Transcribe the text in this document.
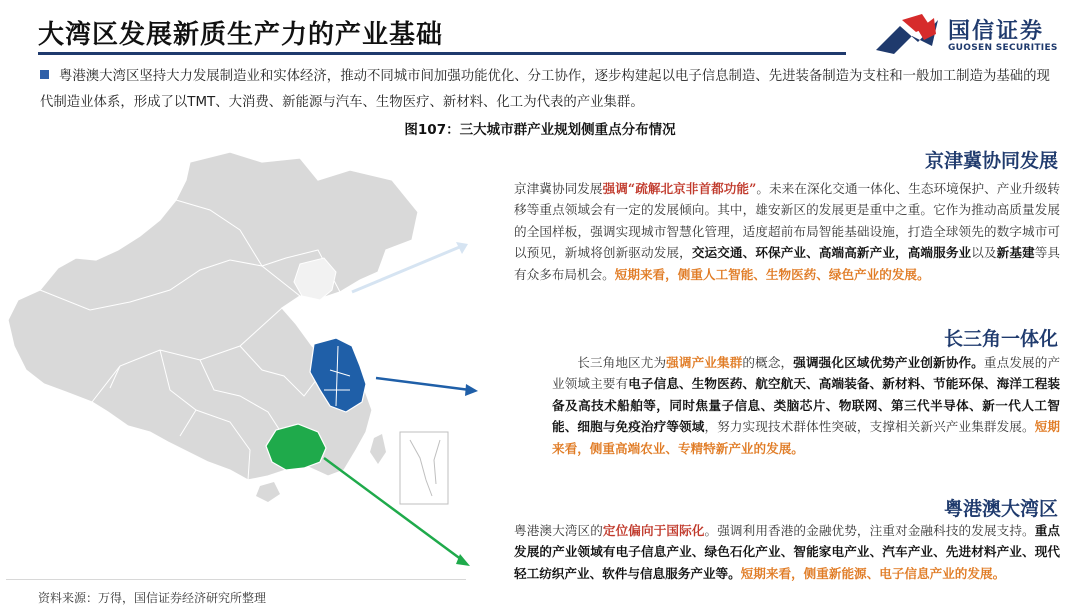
大湾区发展新质生产力的产业基础	国信证券
GUOSEN SECURITIES
粤港澳大湾区坚持大力发展制造业和实体经济，推动不同城市间加强功能优化、分工协作，逐步构建起以电子信息制造、先进装备制造为支柱和一般加工制造为基础的现代制造业体系，形成了以TMT、大消费、新能源与汽车、生物医疗、新材料、化工为代表的产业集群。
图107：三大城市群产业规划侧重点分布情况
京津冀协同发展
京津冀协同发展强调“疏解北京非首都功能”。未来在深化交通一体化、生态环境保护、产业升级转移等重点领域会有一定的发展倾向。其中，雄安新区的发展更是重中之重。它作为推动高质量发展的全国样板，强调实现城市智慧化管理，适度超前布局智能基础设施，打造全球领先的数字城市可以预见，新城将创新驱动发展，交运交通、环保产业、高端高新产业，高端服务业以及新基建等具有众多布局机会。短期来看，侧重人工智能、生物医药、绿色产业的发展。
长三角一体化
长三角地区尤为强调产业集群的概念，强调强化区域优势产业创新协作。重点发展的产业领域主要有电子信息、生物医药、航空航天、高端装备、新材料、节能环保、海洋工程装备及高技术船舶等，同时焦量子信息、类脑芯片、物联网、第三代半导体、新一代人工智能、细胞与免疫治疗等领域，努力实现技术群体性突破，支撑相关新兴产业集群发展。短期来看，侧重高端农业、专精特新产业的发展。
粤港澳大湾区
粤港澳大湾区的定位偏向于国际化。强调利用香港的金融优势，注重对金融科技的发展支持。重点发展的产业领域有电子信息产业、绿色石化产业、智能家电产业、汽车产业、先进材料产业、现代轻工纺织产业、软件与信息服务产业等。短期来看，侧重新能源、电子信息产业的发展。
资料来源：万得，国信证券经济研究所整理
